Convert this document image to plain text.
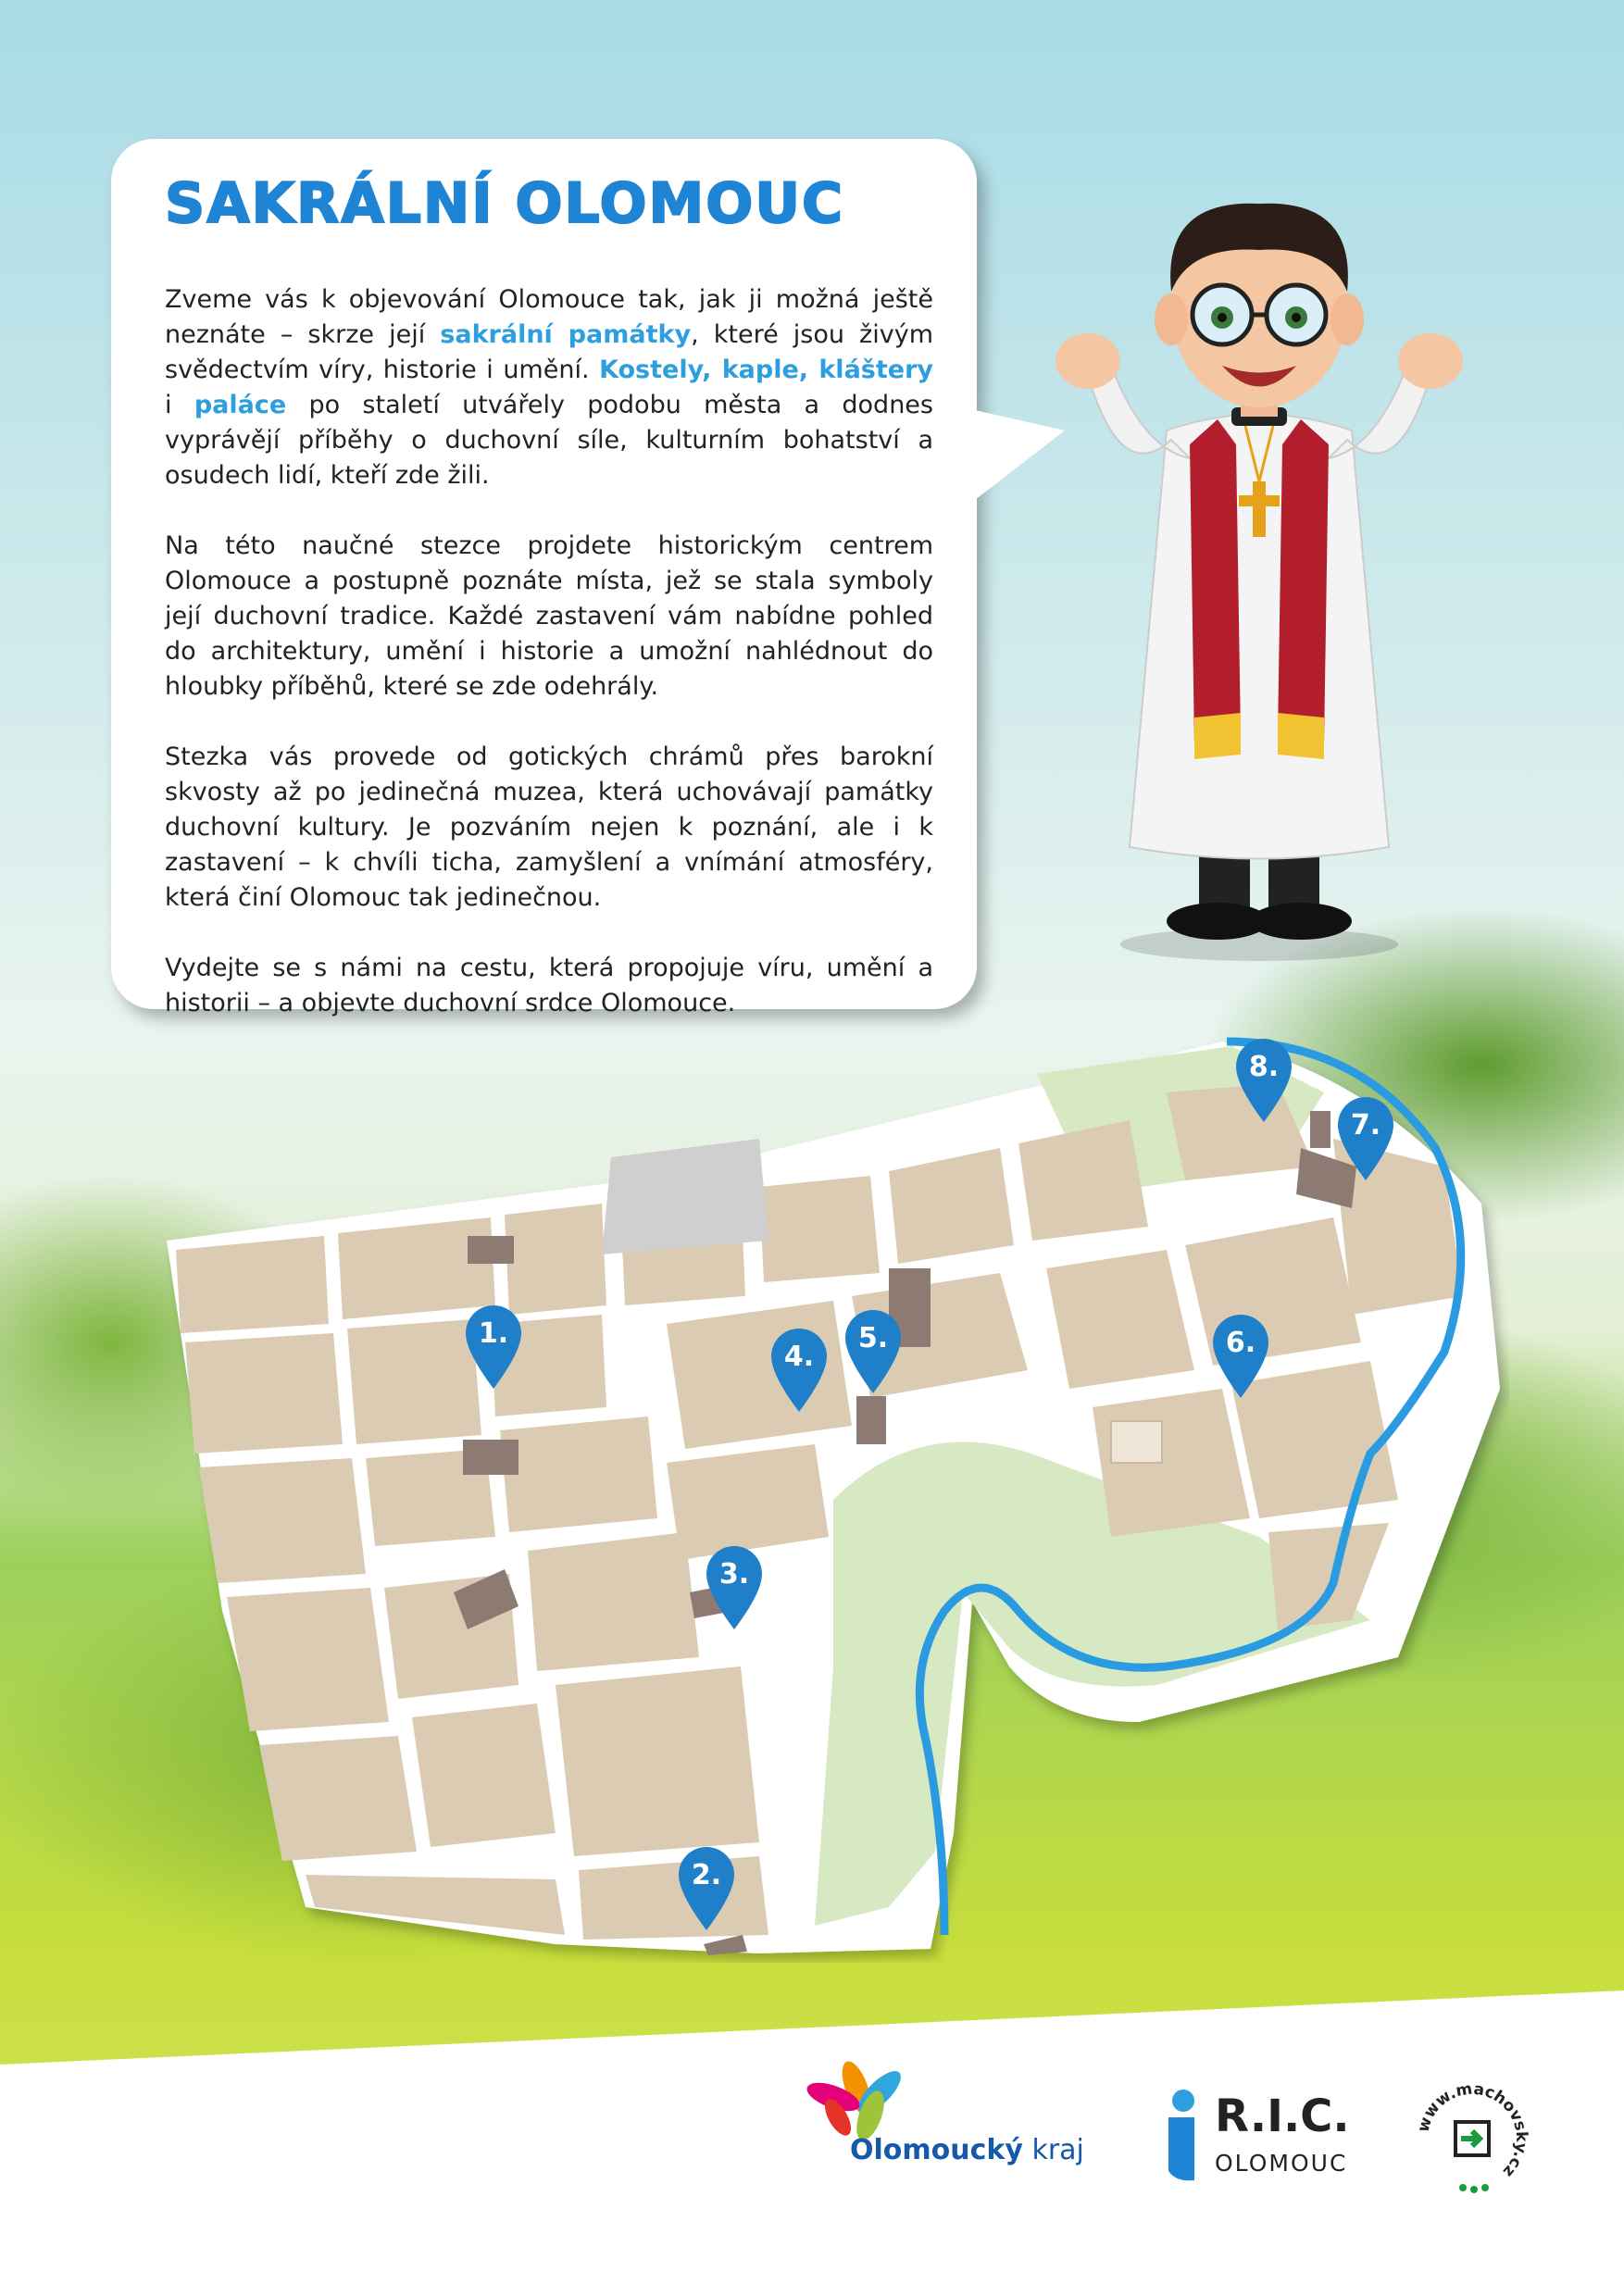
SAKRÁLNÍ OLOMOUC

Zveme vás k objevování Olomouce tak, jak ji možná ještě neznáte – skrze její sakrální památky, které jsou živým svědectvím víry, historie i umění. Kostely, kaple, kláštery i paláce po staletí utvářely podobu města a dodnes vyprávějí příběhy o duchovní síle, kulturním bohatství a osudech lidí, kteří zde žili.

Na této naučné stezce projdete historickým centrem Olomouce a postupně poznáte místa, jež se stala symboly její duchovní tradice. Každé zastavení vám nabídne pohled do architektury, umění i historie a umožní nahlédnout do hloubky příběhů, které se zde odehrály.

Stezka vás provede od gotických chrámů přes barokní skvosty až po jedinečná muzea, která uchovávají památky duchovní kultury. Je pozváním nejen k poznání, ale i k zastavení – k chvíli ticha, zamyšlení a vnímání atmosféry, která činí Olomouc tak jedinečnou.

Vydejte se s námi na cestu, která propojuje víru, umění a historii – a objevte duchovní srdce Olomouce.

1.
2.
3.
4.
5.	6.
7.
8.
Olomoucký kraj
R.I.C.
OLOMOUC
www.machovsky.cz
